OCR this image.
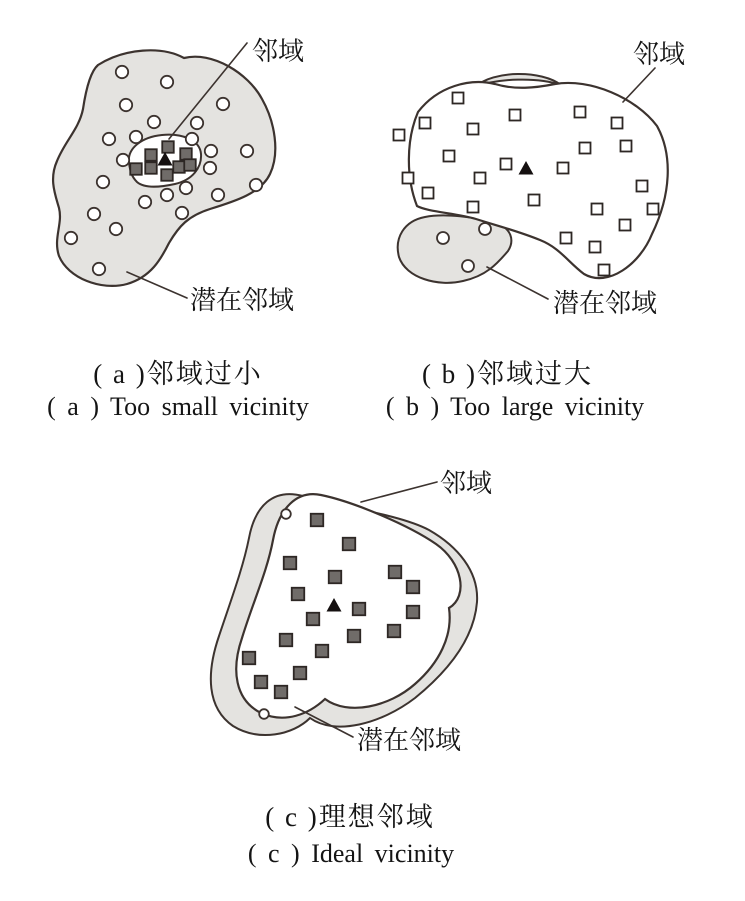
邻域
潜在邻域
邻域
潜在邻域
邻域
潜在邻域
( a )邻域过小
( a ) Too small vicinity
( b )邻域过大
( b ) Too large vicinity
( c )理想邻域
( c ) Ideal vicinity
